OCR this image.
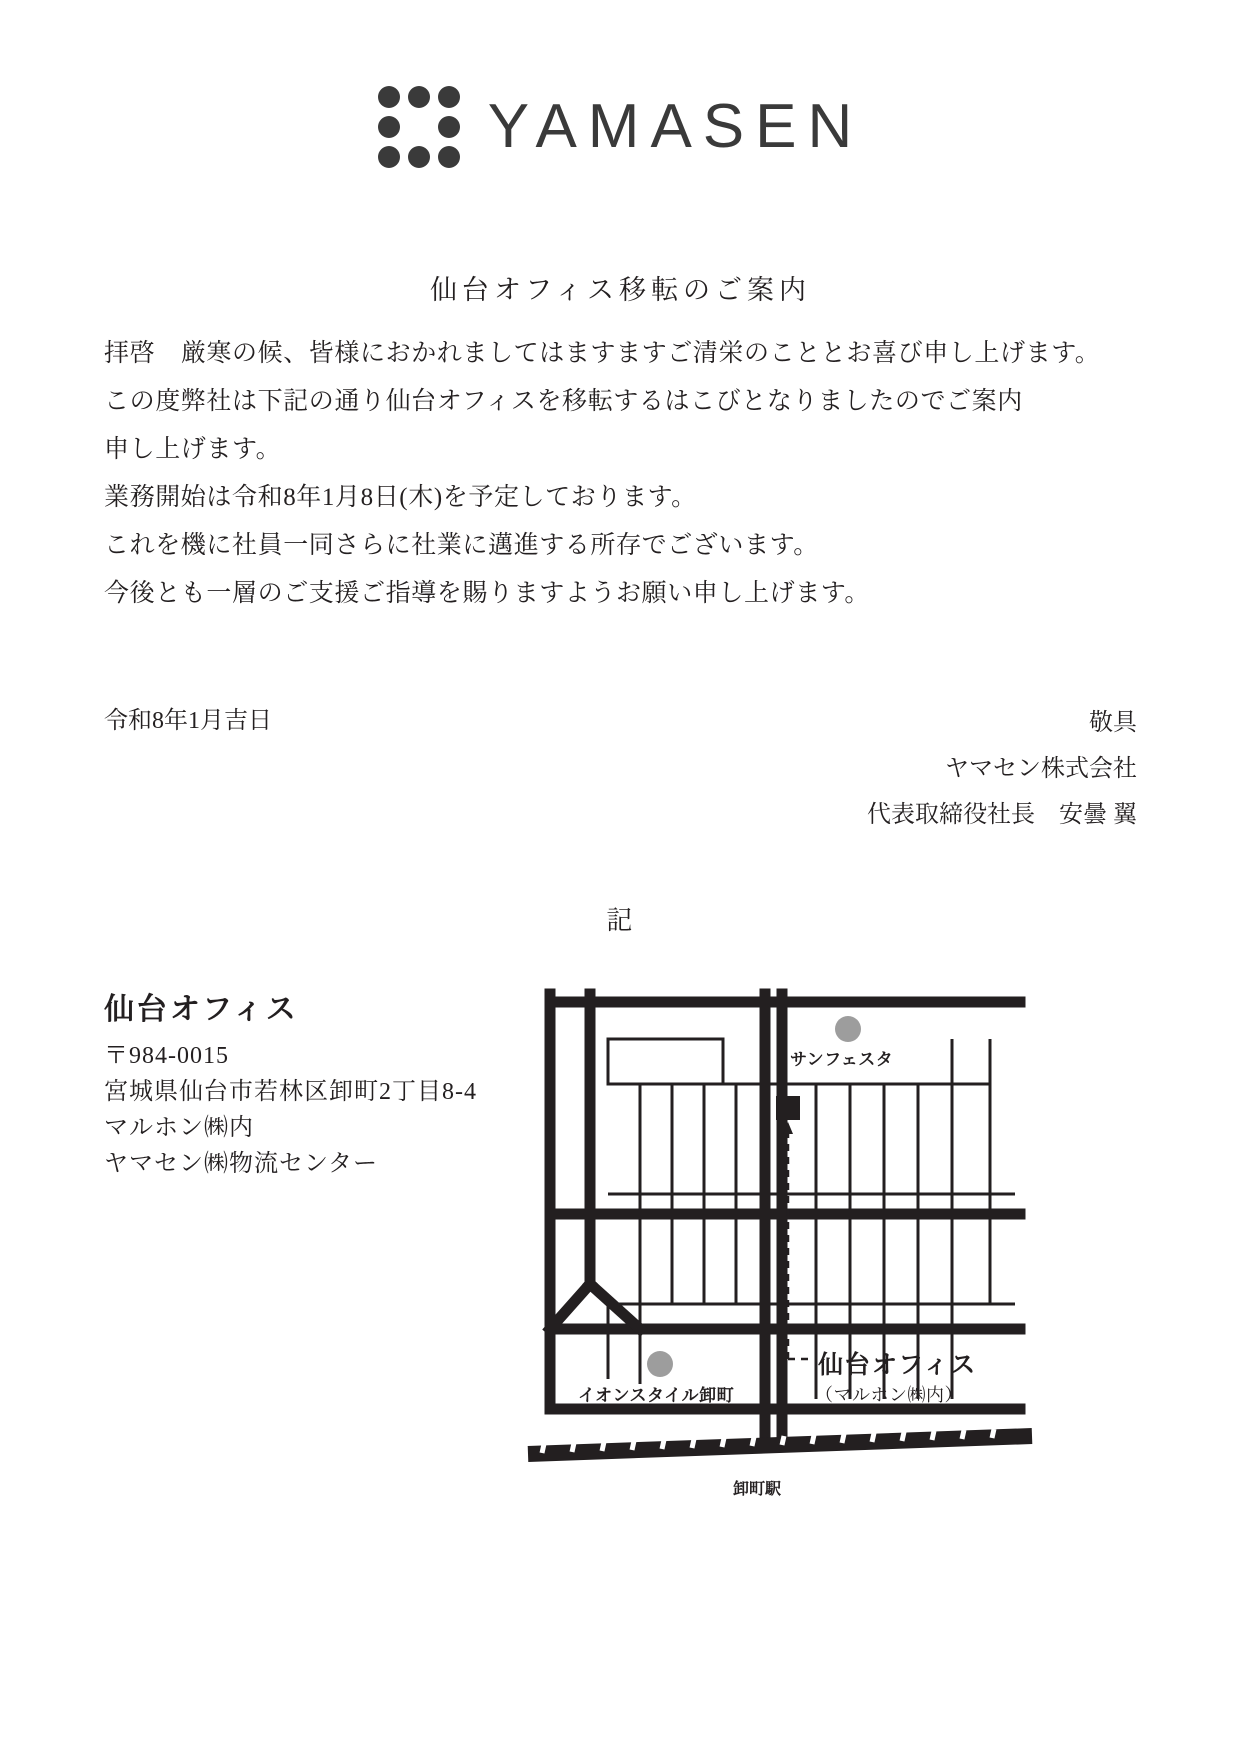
YAMASEN
仙台オフィス移転のご案内

拝啓　厳寒の候、皆様におかれましてはますますご清栄のこととお喜び申し上げます。

この度弊社は下記の通り仙台オフィスを移転するはこびとなりましたのでご案内

申し上げます。

業務開始は令和8年1月8日(木)を予定しております。

これを機に社員一同さらに社業に邁進する所存でございます。

今後とも一層のご支援ご指導を賜りますようお願い申し上げます。

令和8年1月吉日	敬具
ヤマセン株式会社
代表取締役社長　安曇 翼
記
仙台オフィス
〒984-0015
宮城県仙台市若林区卸町2丁目8-4
マルホン㈱内
ヤマセン㈱物流センター
サンフェスタ
イオンスタイル卸町
仙台オフィス
（マルホン㈱内）
卸町駅
